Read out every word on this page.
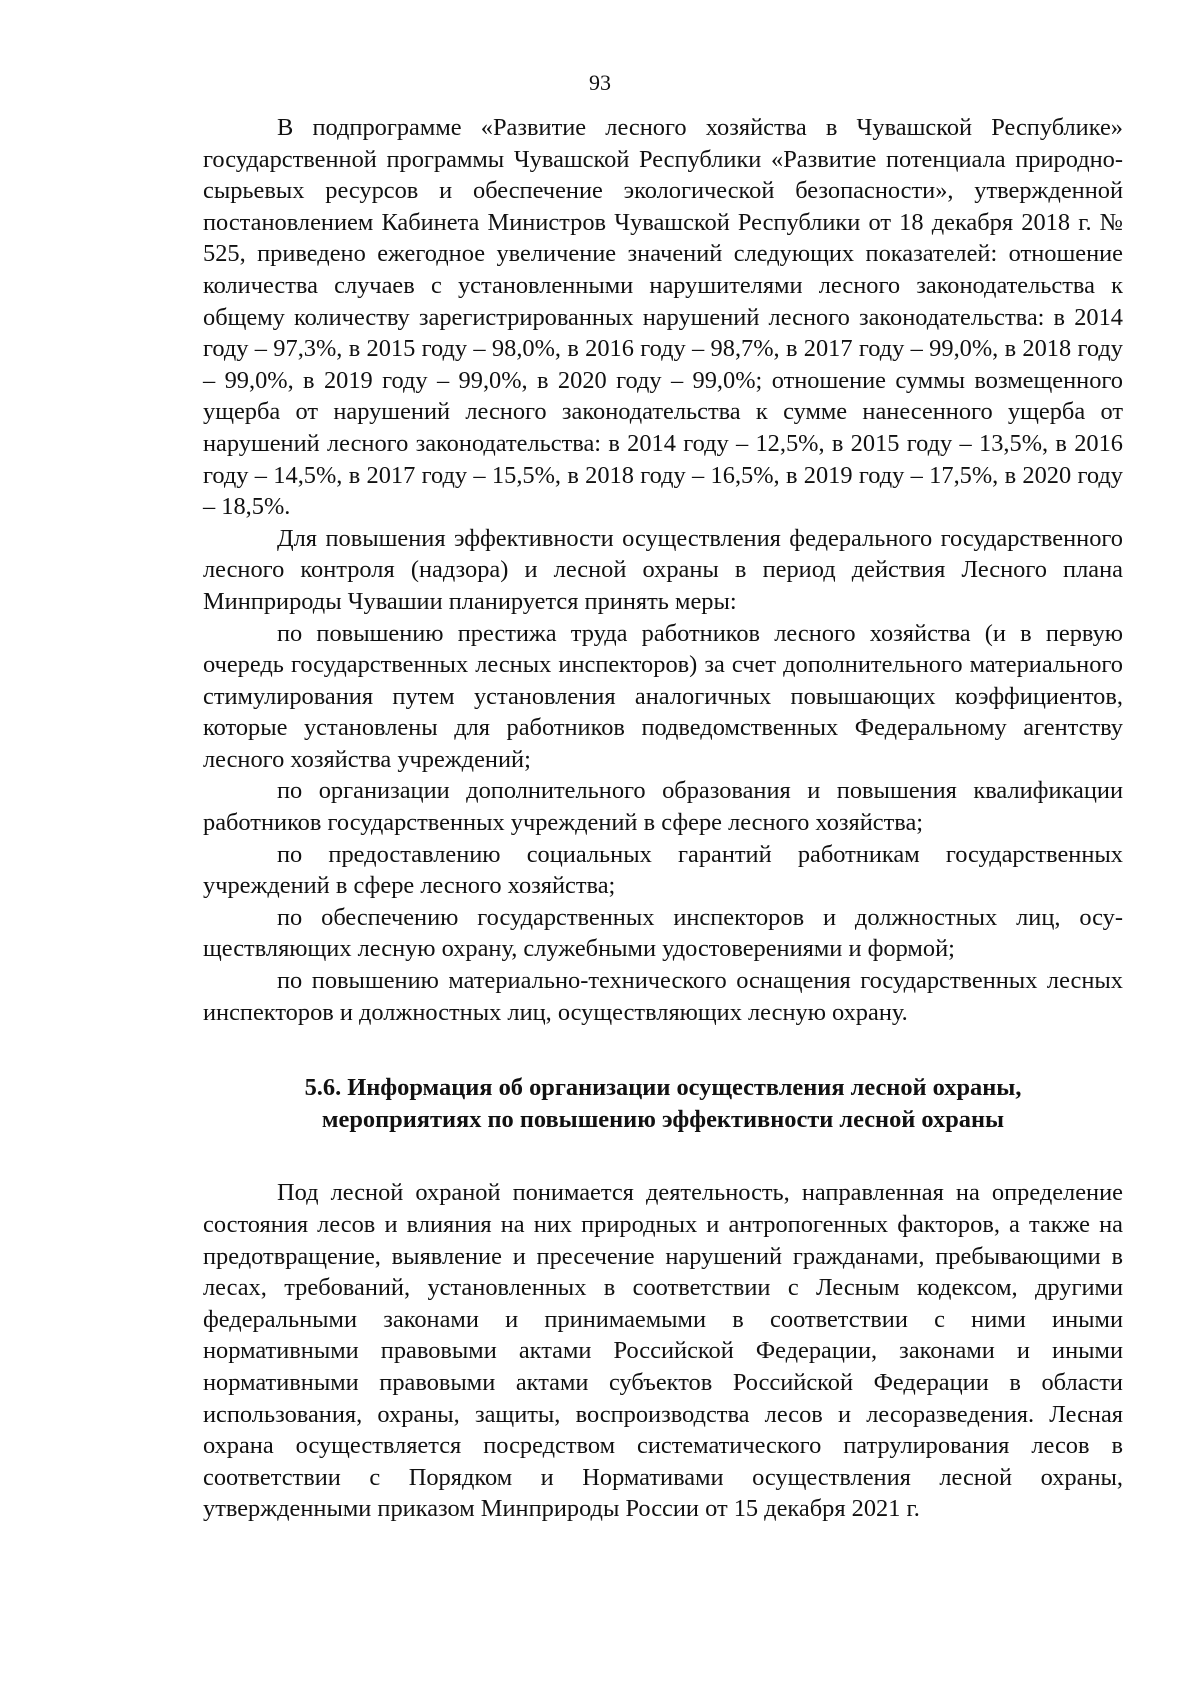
93

В подпрограмме «Развитие лесного хозяйства в Чувашской Республике» государственной программы Чувашской Республики «Развитие потенциала природно-сырьевых ресурсов и обеспечение экологической безопасности», утвержденной постановлением Кабинета Министров Чувашской Республики от 18 декабря 2018 г. № 525, приведено ежегодное увеличение значений следующих показателей: отношение количества случаев с установленными нарушителями лесного законодательства к общему количеству зарегистрированных нарушений лесного законодательства: в 2014 году – 97,3%, в 2015 году – 98,0%, в 2016 году – 98,7%, в 2017 году – 99,0%, в 2018 году – 99,0%, в 2019 году – 99,0%, в 2020 году – 99,0%; отношение суммы возмещенного ущерба от нарушений лесного законодательства к сумме нанесенного ущерба от нарушений лесного законодательства: в 2014 году – 12,5%, в 2015 году – 13,5%, в 2016 году – 14,5%, в 2017 году – 15,5%, в 2018 году – 16,5%, в 2019 году – 17,5%, в 2020 году – 18,5%.

Для повышения эффективности осуществления федерального государственного лесного контроля (надзора) и лесной охраны в период действия Лесного плана Минприроды Чувашии планируется принять меры:

по повышению престижа труда работников лесного хозяйства (и в первую очередь государственных лесных инспекторов) за счет дополнительного материального стимулирования путем установления аналогичных повышающих коэффициентов, которые установлены для работников подведомственных Федеральному агентству лесного хозяйства учреждений;

по организации дополнительного образования и повышения квалификации работников государственных учреждений в сфере лесного хозяйства;

по предоставлению социальных гарантий работникам государственных учреждений в сфере лесного хозяйства;

по обеспечению государственных инспекторов и должностных лиц, осуществляющих лесную охрану, служебными удостоверениями и формой;

по повышению материально-технического оснащения государственных лесных инспекторов и должностных лиц, осуществляющих лесную охрану.

5.6. Информация об организации осуществления лесной охраны,
мероприятиях по повышению эффективности лесной охраны

Под лесной охраной понимается деятельность, направленная на определение состояния лесов и влияния на них природных и антропогенных факторов, а также на предотвращение, выявление и пресечение нарушений гражданами, пребывающими в лесах, требований, установленных в соответствии с Лесным кодексом, другими федеральными законами и принимаемыми в соответствии с ними иными нормативными правовыми актами Российской Федерации, законами и иными нормативными правовыми актами субъектов Российской Федерации в области использования, охраны, защиты, воспроизводства лесов и лесоразведения. Лесная охрана осуществляется посредством систематического патрулирования лесов в соответствии с Порядком и Нормативами осуществления лесной охраны, утвержденными приказом Минприроды России от 15 декабря 2021 г.
